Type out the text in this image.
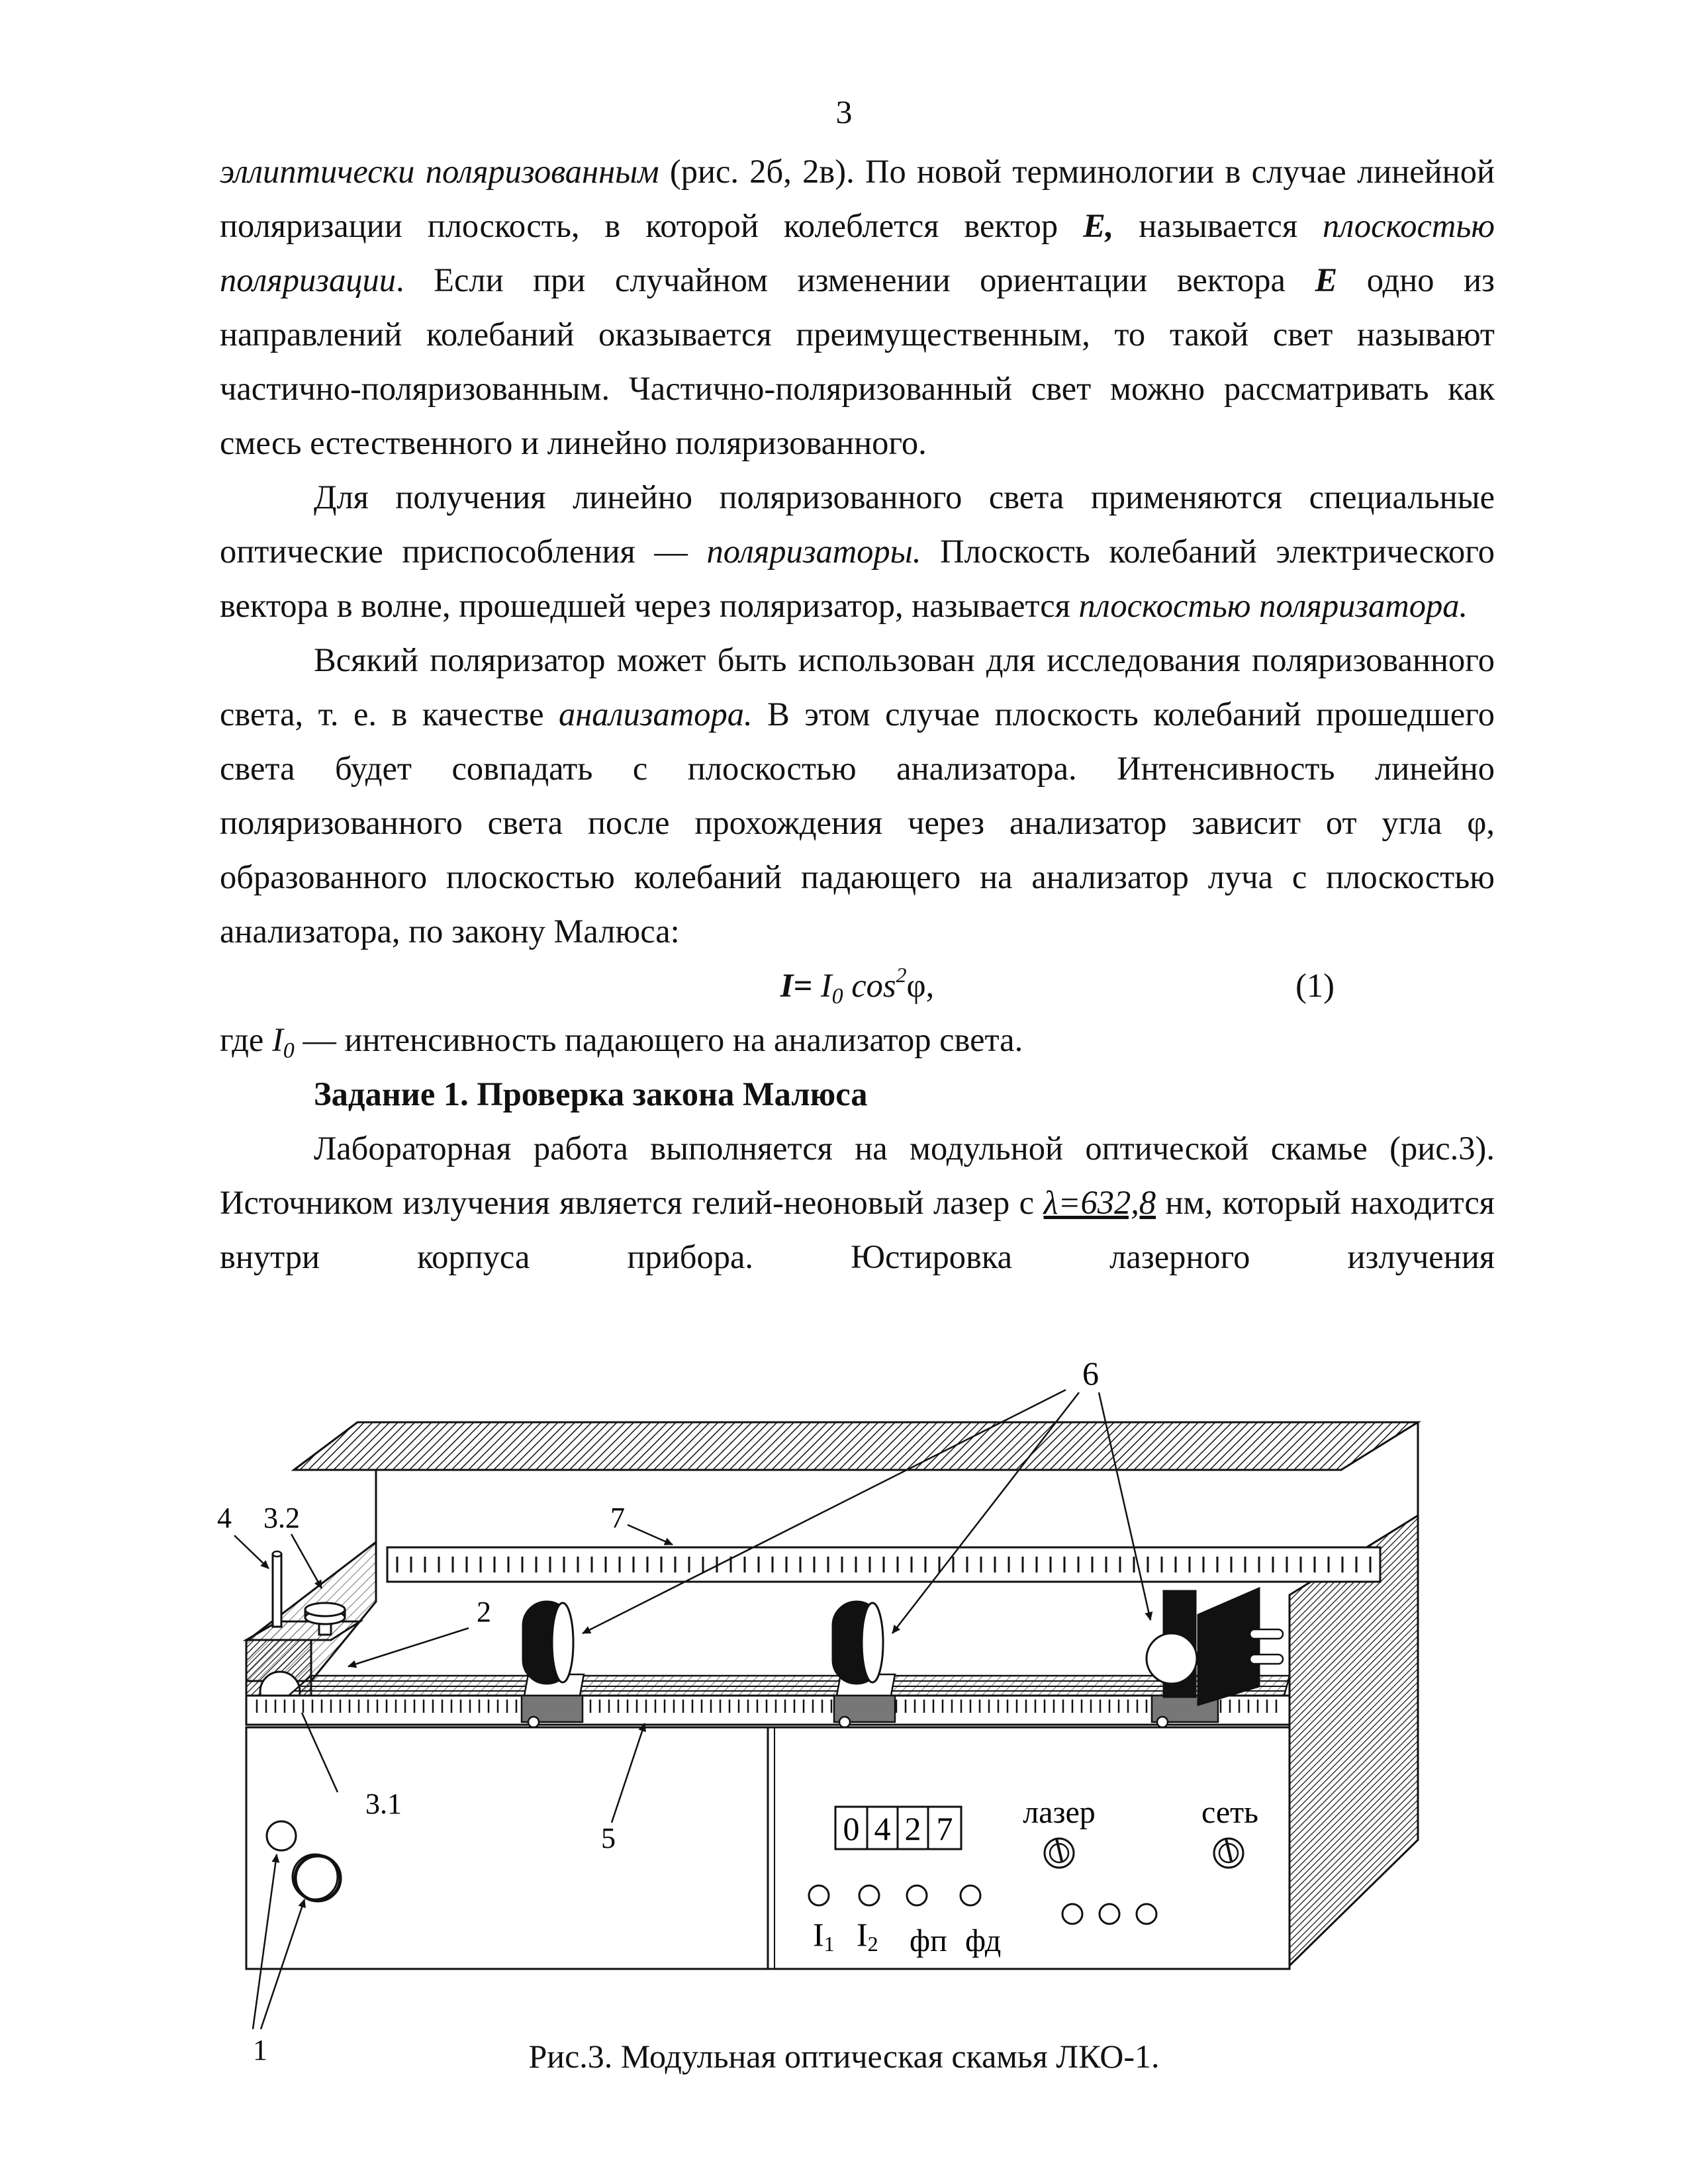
3

эллиптически поляризованным (рис. 2б, 2в). По новой терминологии в случае линейной поляризации плоскость, в которой колеблется вектор E, называется плоскостью поляризации. Если при случайном изменении ориентации вектора E одно из направлений колебаний оказывается преимущественным, то такой свет называют частично-поляризованным. Частично-поляризованный свет можно рассматривать как смесь естественного и линейно поляризованного.

Для получения линейно поляризованного света применяются специальные оптические приспособления — поляризаторы. Плоскость колебаний электрического вектора в волне, прошедшей через поляризатор, называется плоскостью поляризатора.

Всякий поляризатор может быть использован для исследования поляризованного света, т. е. в качестве анализатора. В этом случае плоскость колебаний прошедшего света будет совпадать с плоскостью анализатора. Интенсивность линейно поляризованного света после прохождения через анализатор зависит от угла φ, образованного плоскостью колебаний падающего на анализатор луча с плоскостью анализатора, по закону Малюса:

$I= I_0$ $\cos^2\varphi$,	(1)

где $I_0$ — интенсивность падающего на анализатор света.

Задание 1. Проверка закона Малюса

Лабораторная работа выполняется на модульной оптической скамье (рис.3). Источником излучения является гелий-неоновый лазер с λ=632,8 нм, который находится внутри корпуса прибора. Юстировка лазерного излучения

0 4 2 7 лазер	сеть
I1 I2 фп фд
6
4 3.2	7
2
3.1
5
1	Рис.3. Модульная оптическая скамья ЛКО-1.
